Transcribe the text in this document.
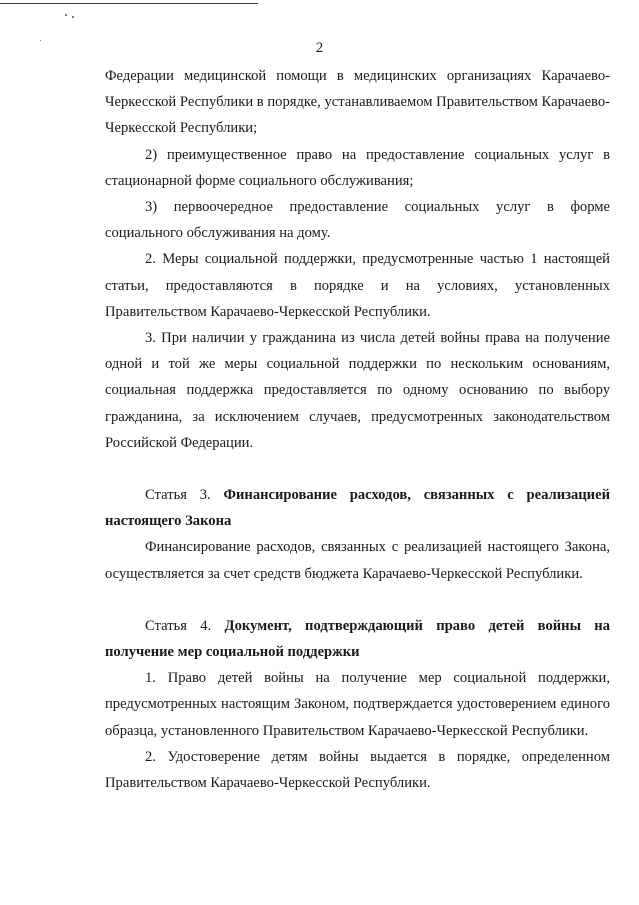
2

Федерации медицинской помощи в медицинских организациях Карачаево-Черкесской Республики в порядке, устанавливаемом Правительством Карачаево-Черкесской Республики;

2) преимущественное право на предоставление социальных услуг в стационарной форме социального обслуживания;

3) первоочередное предоставление социальных услуг в форме социального обслуживания на дому.

2. Меры социальной поддержки, предусмотренные частью 1 настоящей статьи, предоставляются в порядке и на условиях, установленных Правительством Карачаево-Черкесской Республики.

3. При наличии у гражданина из числа детей войны права на получение одной и той же меры социальной поддержки по нескольким основаниям, социальная поддержка предоставляется по одному основанию по выбору гражданина, за исключением случаев, предусмотренных законодательством Российской Федерации.

Статья 3. Финансирование расходов, связанных с реализацией настоящего Закона

Финансирование расходов, связанных с реализацией настоящего Закона, осуществляется за счет средств бюджета Карачаево-Черкесской Республики.

Статья 4. Документ, подтверждающий право детей войны на получение мер социальной поддержки

1. Право детей войны на получение мер социальной поддержки, предусмотренных настоящим Законом, подтверждается удостоверением единого образца, установленного Правительством Карачаево-Черкесской Республики.

2. Удостоверение детям войны выдается в порядке, определенном Правительством Карачаево-Черкесской Республики.
